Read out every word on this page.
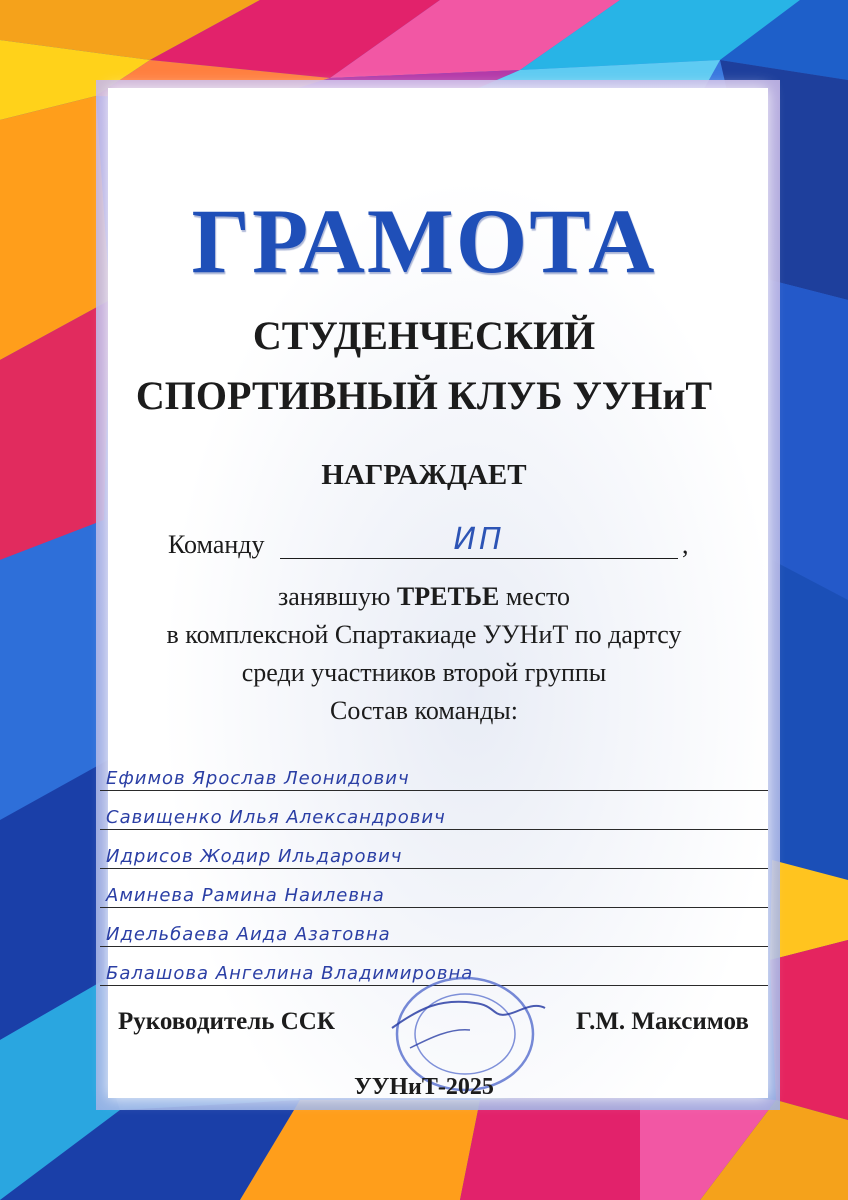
ГРАМОТА
СТУДЕНЧЕСКИЙ
СПОРТИВНЫЙ КЛУБ УУНиТ
НАГРАЖДАЕТ
Команду	ИП	,
занявшую ТРЕТЬЕ место
в комплексной Спартакиаде УУНиТ по дартсу
среди участников второй группы
Состав команды:
Ефимов Ярослав Леонидович
Савищенко Илья Александрович
Идрисов Жодир Ильдарович
Аминева Рамина Наилевна
Идельбаева Аида Азатовна
Балашова Ангелина Владимировна
Руководитель ССК	Г.М. Максимов
УУНиТ-2025
